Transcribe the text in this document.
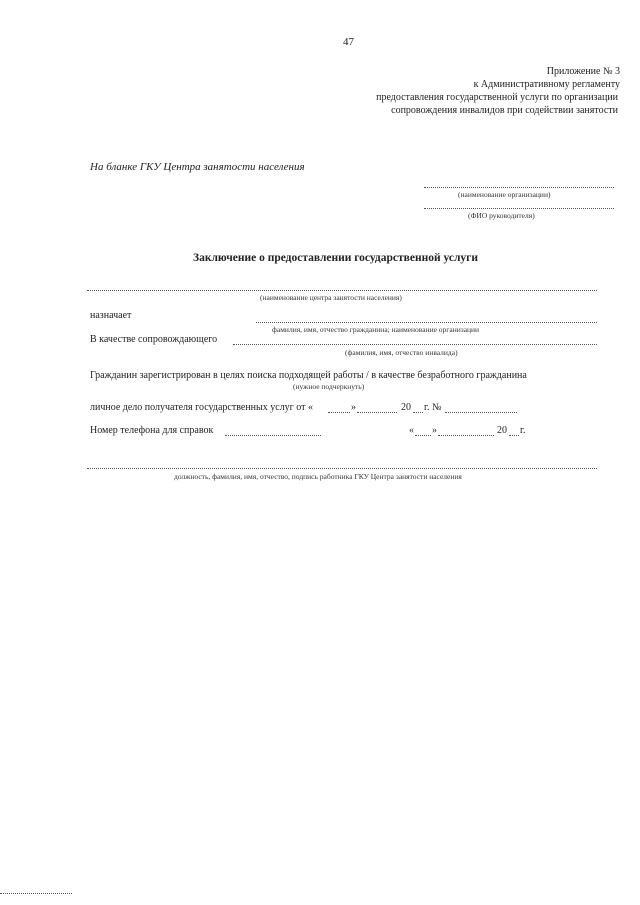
47
Приложение № 3
к Административному регламенту
предоставления государственной услуги по организации
сопровождения инвалидов при содействии занятости
На бланке ГКУ Центра занятости населения
(наименование организации)
(ФИО руководителя)
Заключение о предоставлении государственной услуги
(наименование центра занятости населения)
назначает
фамилия, имя, отчество гражданина; наименование организации
В качестве сопровождающего
(фамилия, имя, отчество инвалида)
Гражданин зарегистрирован в целях поиска подходящей работы / в качестве безработного гражданина
(нужное подчеркнуть)
личное дело получателя государственных услуг от «	»	20 г. №
Номер телефона для справок	« »	20 г.
должность, фамилия, имя, отчество, подпись работника ГКУ Центра занятости населения
